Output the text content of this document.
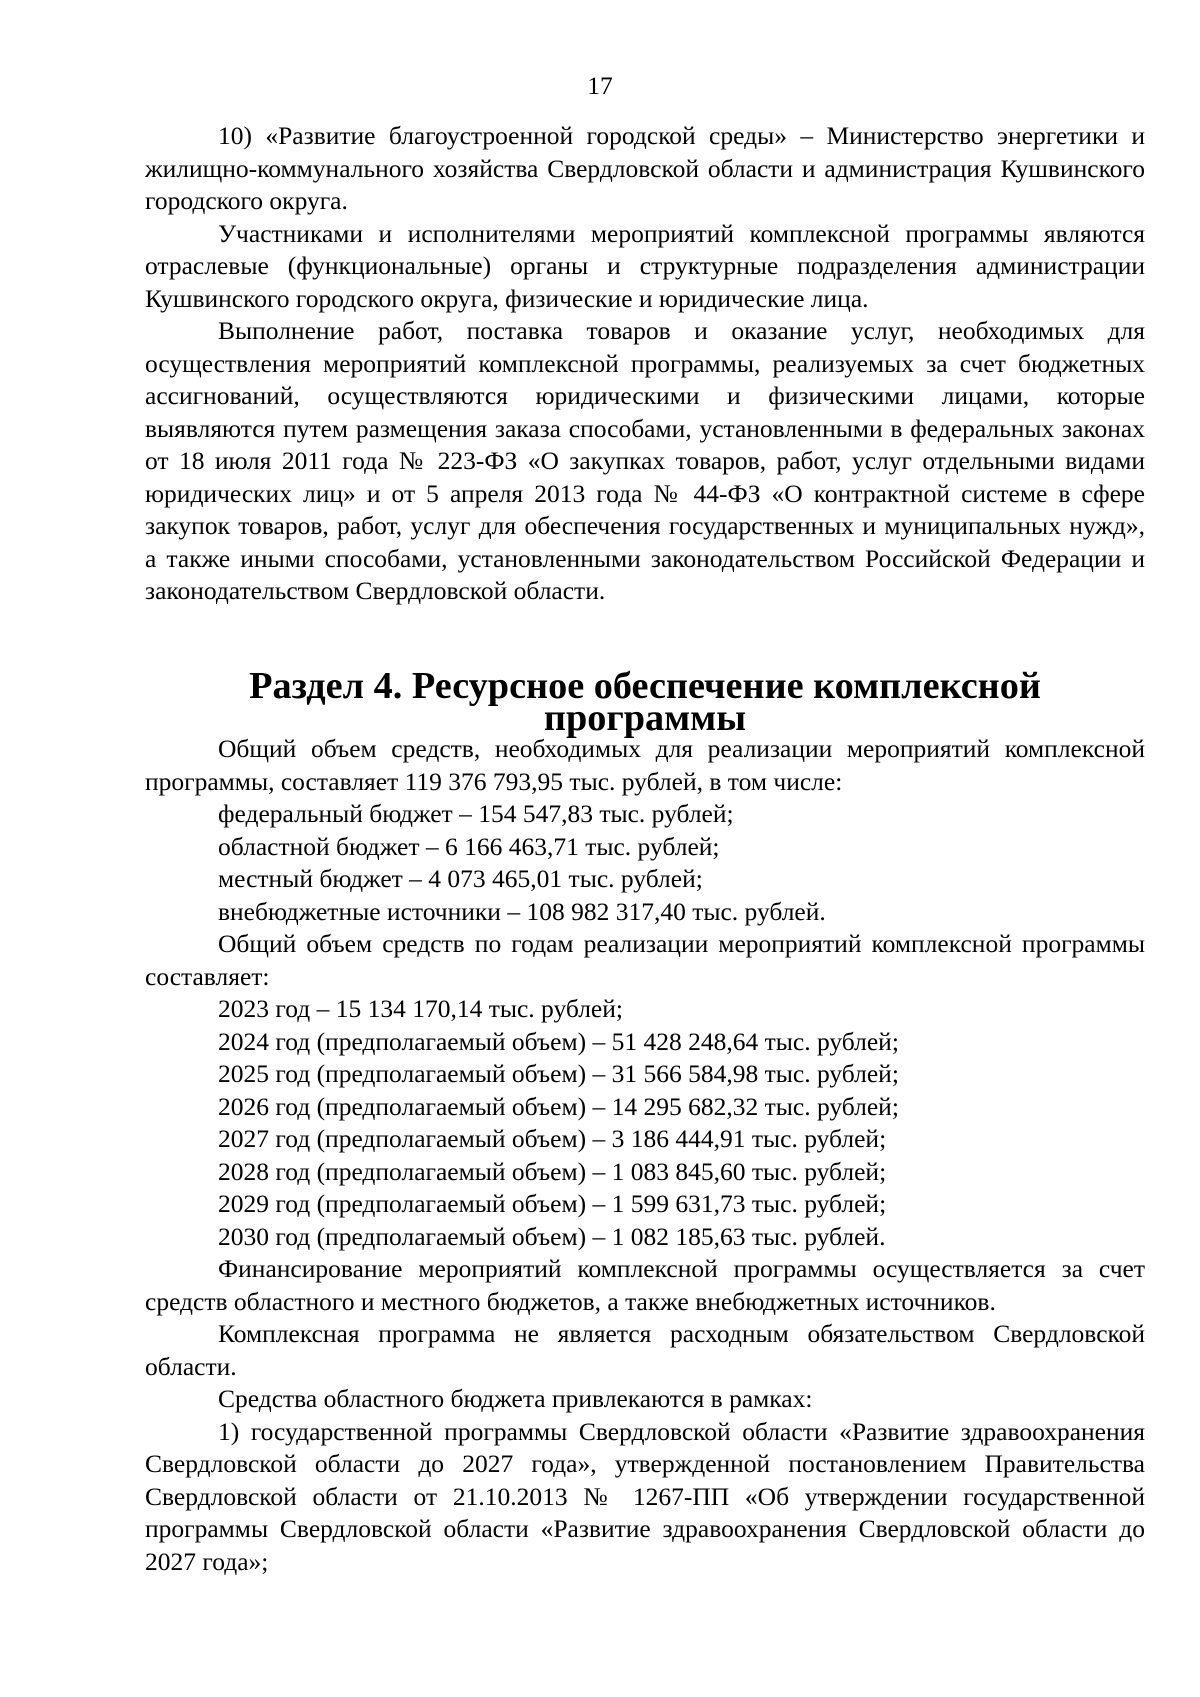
17

10) «Развитие благоустроенной городской среды» – Министерство энергетики и жилищно-коммунального хозяйства Свердловской области и администрация Кушвинского городского округа.

Участниками и исполнителями мероприятий комплексной программы являются отраслевые (функциональные) органы и структурные подразделения администрации Кушвинского городского округа, физические и юридические лица.

Выполнение работ, поставка товаров и оказание услуг, необходимых для осуществления мероприятий комплексной программы, реализуемых за счет бюджетных ассигнований, осуществляются юридическими и физическими лицами, которые выявляются путем размещения заказа способами, установленными в федеральных законах от 18 июля 2011 года № 223-ФЗ «О закупках товаров, работ, услуг отдельными видами юридических лиц» и от 5 апреля 2013 года № 44-ФЗ «О контрактной системе в сфере закупок товаров, работ, услуг для обеспечения государственных и муниципальных нужд», а также иными способами, установленными законодательством Российской Федерации и законодательством Свердловской области.

Раздел 4. Ресурсное обеспечение комплексной программы

Общий объем средств, необходимых для реализации мероприятий комплексной программы, составляет 119 376 793,95 тыс. рублей, в том числе:

федеральный бюджет – 154 547,83 тыс. рублей;

областной бюджет – 6 166 463,71 тыс. рублей;

местный бюджет – 4 073 465,01 тыс. рублей;

внебюджетные источники – 108 982 317,40 тыс. рублей.

Общий объем средств по годам реализации мероприятий комплексной программы составляет:

2023 год – 15 134 170,14 тыс. рублей;

2024 год (предполагаемый объем) – 51 428 248,64 тыс. рублей;

2025 год (предполагаемый объем) – 31 566 584,98 тыс. рублей;

2026 год (предполагаемый объем) – 14 295 682,32 тыс. рублей;

2027 год (предполагаемый объем) – 3 186 444,91 тыс. рублей;

2028 год (предполагаемый объем) – 1 083 845,60 тыс. рублей;

2029 год (предполагаемый объем) – 1 599 631,73 тыс. рублей;

2030 год (предполагаемый объем) – 1 082 185,63 тыс. рублей.

Финансирование мероприятий комплексной программы осуществляется за счет средств областного и местного бюджетов, а также внебюджетных источников.

Комплексная программа не является расходным обязательством Свердловской области.

Средства областного бюджета привлекаются в рамках:

1) государственной программы Свердловской области «Развитие здравоохранения Свердловской области до 2027 года», утвержденной постановлением Правительства Свердловской области от 21.10.2013 № 1267-ПП «Об утверждении государственной программы Свердловской области «Развитие здравоохранения Свердловской области до 2027 года»;
